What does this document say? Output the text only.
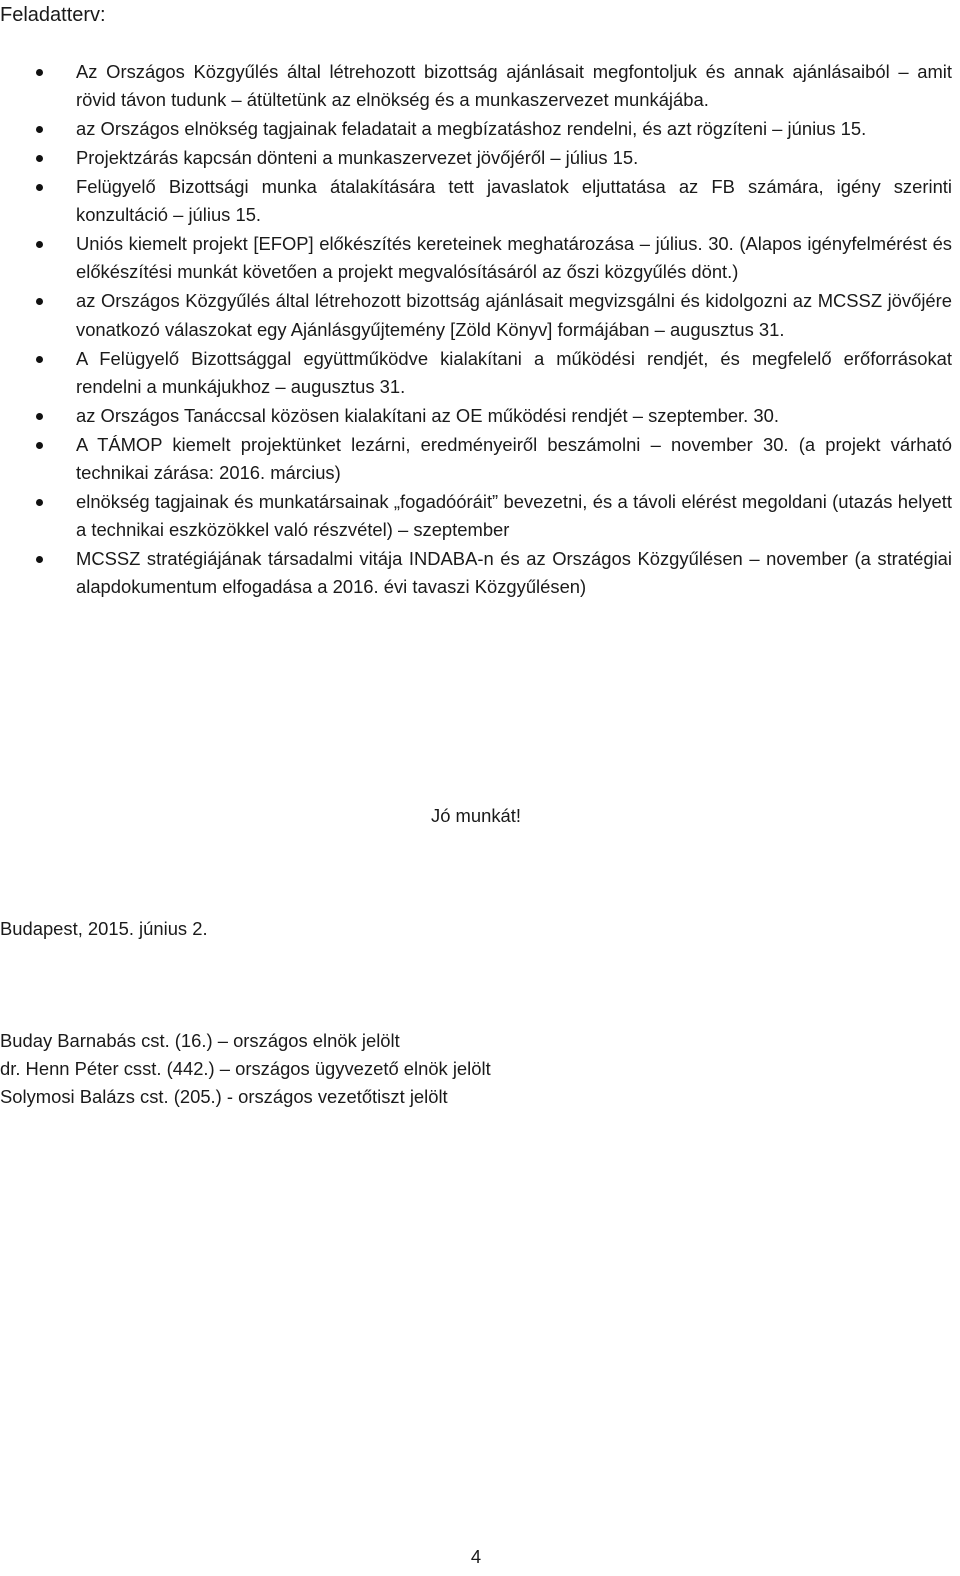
Feladatterv:
Az Országos Közgyűlés által létrehozott bizottság ajánlásait megfontoljuk és annak ajánlásaiból – amit rövid távon tudunk – átültetünk az elnökség és a munkaszervezet munkájába.
az Országos elnökség tagjainak feladatait a megbízatáshoz rendelni, és azt rögzíteni – június 15.
Projektzárás kapcsán dönteni a munkaszervezet jövőjéről – július 15.
Felügyelő Bizottsági munka átalakítására tett javaslatok eljuttatása az FB számára, igény szerinti konzultáció – július 15.
Uniós kiemelt projekt [EFOP] előkészítés kereteinek meghatározása – július. 30. (Alapos igényfelmérést és előkészítési munkát követően a projekt megvalósításáról az őszi közgyűlés dönt.)
az Országos Közgyűlés által létrehozott bizottság ajánlásait megvizsgálni és kidolgozni az MCSSZ jövőjére vonatkozó válaszokat egy Ajánlásgyűjtemény [Zöld Könyv] formájában – augusztus 31.
A Felügyelő Bizottsággal együttműködve kialakítani a működési rendjét, és megfelelő erőforrásokat rendelni a munkájukhoz – augusztus 31.
az Országos Tanáccsal közösen kialakítani az OE működési rendjét – szeptember. 30.
A TÁMOP kiemelt projektünket lezárni, eredményeiről beszámolni – november 30. (a projekt várható technikai zárása: 2016. március)
elnökség tagjainak és munkatársainak „fogadóóráit” bevezetni, és a távoli elérést megoldani (utazás helyett a technikai eszközökkel való részvétel) – szeptember
MCSSZ stratégiájának társadalmi vitája INDABA-n és az Országos Közgyűlésen – november (a stratégiai alapdokumentum elfogadása a 2016. évi tavaszi Közgyűlésen)
Jó munkát!
Budapest, 2015. június 2.
Buday Barnabás cst. (16.) – országos elnök jelölt
dr. Henn Péter csst. (442.) – országos ügyvezető elnök jelölt
Solymosi Balázs cst. (205.) - országos vezetőtiszt jelölt
4
